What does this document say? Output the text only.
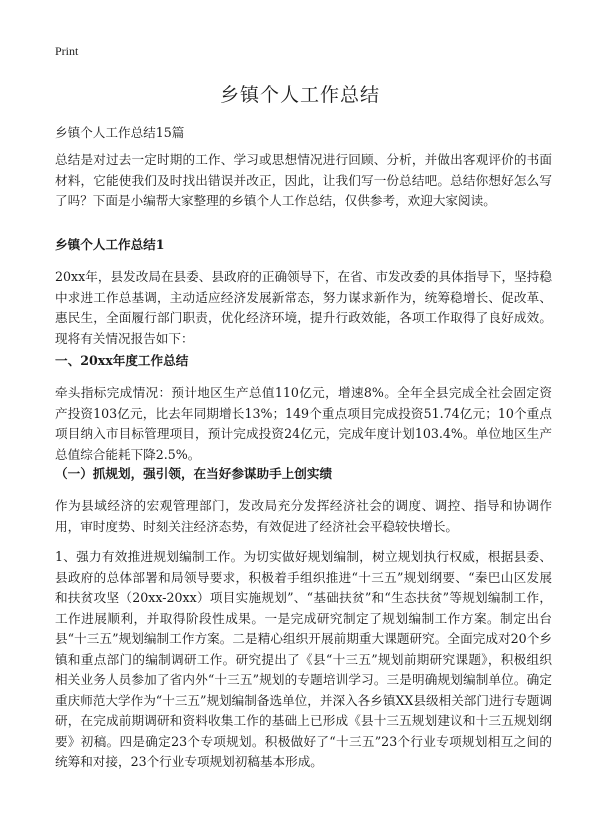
Print
乡镇个人工作总结

乡镇个人工作总结15篇

总结是对过去一定时期的工作、学习或思想情况进行回顾、分析，并做出客观评价的书面材料，它能使我们及时找出错误并改正，因此，让我们写一份总结吧。总结你想好怎么写了吗？下面是小编帮大家整理的乡镇个人工作总结，仅供参考，欢迎大家阅读。

乡镇个人工作总结1

20xx年，县发改局在县委、县政府的正确领导下，在省、市发改委的具体指导下，坚持稳中求进工作总基调，主动适应经济发展新常态，努力谋求新作为，统筹稳增长、促改革、惠民生，全面履行部门职责，优化经济环境，提升行政效能，各项工作取得了良好成效。现将有关情况报告如下：

一、20xx年度工作总结

牵头指标完成情况：预计地区生产总值110亿元，增速8%。全年全县完成全社会固定资产投资103亿元，比去年同期增长13%；149个重点项目完成投资51.74亿元；10个重点项目纳入市目标管理项目，预计完成投资24亿元，完成年度计划103.4%。单位地区生产总值综合能耗下降2.5%。

（一）抓规划，强引领，在当好参谋助手上创实绩

作为县域经济的宏观管理部门，发改局充分发挥经济社会的调度、调控、指导和协调作用，审时度势、时刻关注经济态势，有效促进了经济社会平稳较快增长。

1、强力有效推进规划编制工作。为切实做好规划编制，树立规划执行权威，根据县委、县政府的总体部署和局领导要求，积极着手组织推进“十三五”规划纲要、“秦巴山区发展和扶贫攻坚（20xx-20xx）项目实施规划”、“基础扶贫”和“生态扶贫”等规划编制工作，工作进展顺利，并取得阶段性成果。一是完成研究制定了规划编制工作方案。制定出台县“十三五”规划编制工作方案。二是精心组织开展前期重大课题研究。全面完成对20个乡镇和重点部门的编制调研工作。研究提出了《县“十三五”规划前期研究课题》，积极组织相关业务人员参加了省内外“十三五”规划的专题培训学习。三是明确规划编制单位。确定重庆师范大学作为“十三五”规划编制备选单位，并深入各乡镇XX县级相关部门进行专题调研，在完成前期调研和资料收集工作的基础上已形成《县十三五规划建议和十三五规划纲要》初稿。四是确定23个专项规划。积极做好了“十三五”23个行业专项规划相互之间的统筹和对接，23个行业专项规划初稿基本形成。
